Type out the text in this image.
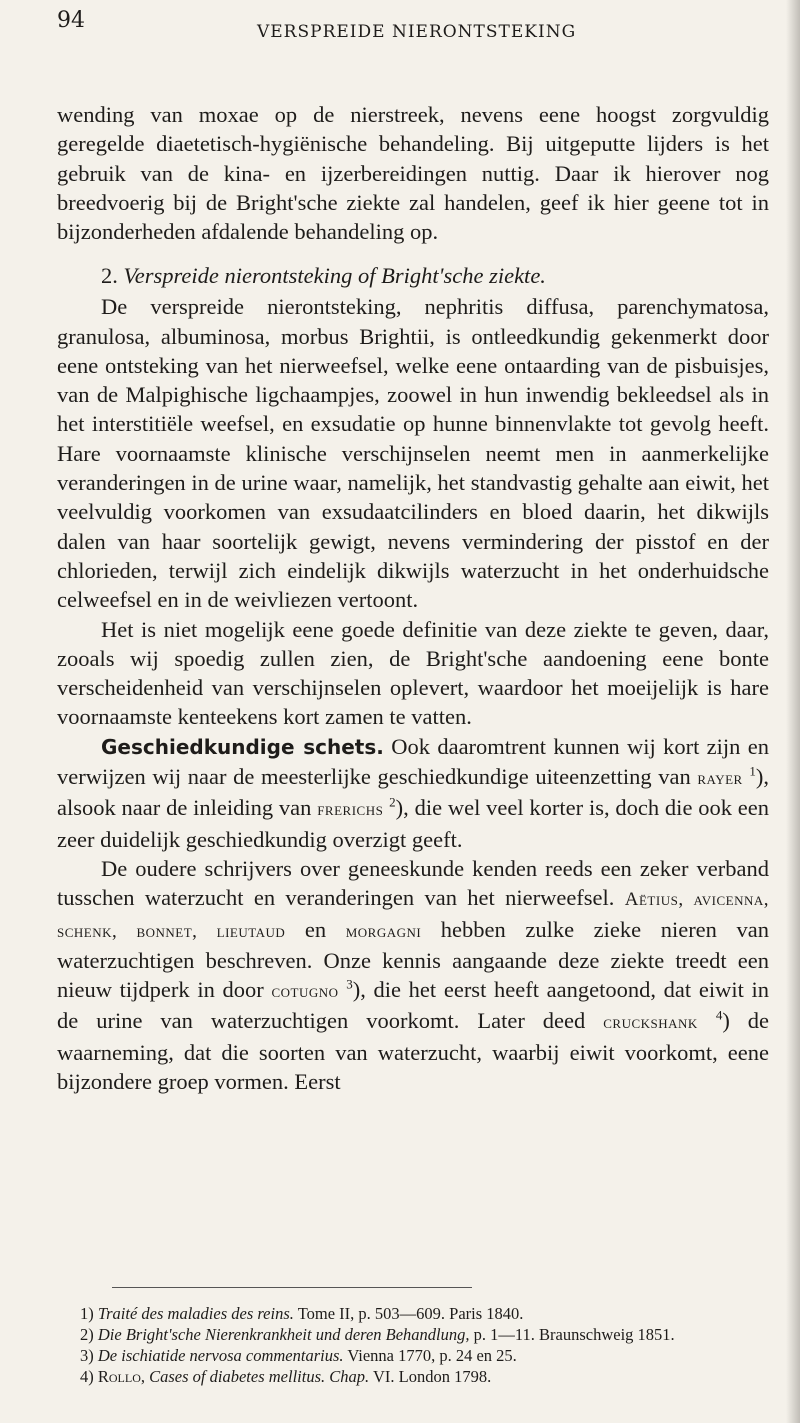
94	VERSPREIDE NIERONTSTEKING

wending van moxae op de nierstreek, nevens eene hoogst zorgvuldig geregelde diaetetisch-hygiënische behandeling. Bij uitgeputte lijders is het gebruik van de kina- en ijzerbereidingen nuttig. Daar ik hierover nog breedvoerig bij de Bright'sche ziekte zal handelen, geef ik hier geene tot in bijzonderheden afdalende behandeling op.

2. Verspreide nierontsteking of Bright'sche ziekte.

De verspreide nierontsteking, nephritis diffusa, parenchymatosa, granulosa, albuminosa, morbus Brightii, is ontleedkundig gekenmerkt door eene ontsteking van het nierweefsel, welke eene ontaarding van de pisbuisjes, van de Malpighische ligchaampjes, zoowel in hun inwendig bekleedsel als in het interstitiële weefsel, en exsudatie op hunne binnenvlakte tot gevolg heeft. Hare voornaamste klinische verschijnselen neemt men in aanmerkelijke veranderingen in de urine waar, namelijk, het standvastig gehalte aan eiwit, het veelvuldig voorkomen van exsudaatcilinders en bloed daarin, het dikwijls dalen van haar soortelijk gewigt, nevens vermindering der pisstof en der chlorieden, terwijl zich eindelijk dikwijls waterzucht in het onderhuidsche celweefsel en in de weivliezen vertoont.

Het is niet mogelijk eene goede definitie van deze ziekte te geven, daar, zooals wij spoedig zullen zien, de Bright'sche aandoening eene bonte verscheidenheid van verschijnselen oplevert, waardoor het moeijelijk is hare voornaamste kenteekens kort zamen te vatten.

Geschiedkundige schets. Ook daaromtrent kunnen wij kort zijn en verwijzen wij naar de meesterlijke geschiedkundige uiteenzetting van rayer $^1$), alsook naar de inleiding van frerichs $^2$), die wel veel korter is, doch die ook een zeer duidelijk geschiedkundig overzigt geeft.

De oudere schrijvers over geneeskunde kenden reeds een zeker verband tusschen waterzucht en veranderingen van het nierweefsel. Aëtius, avicenna, schenk, bonnet, lieutaud en morgagni hebben zulke zieke nieren van waterzuchtigen beschreven. Onze kennis aangaande deze ziekte treedt een nieuw tijdperk in door cotugno $^3$), die het eerst heeft aangetoond, dat eiwit in de urine van waterzuchtigen voorkomt. Later deed cruckshank $^4$) de waarneming, dat die soorten van waterzucht, waarbij eiwit voorkomt, eene bijzondere groep vormen. Eerst

1) Traité des maladies des reins. Tome II, p. 503—609. Paris 1840.

2) Die Bright'sche Nierenkrankheit und deren Behandlung, p. 1—11. Braunschweig 1851.

3) De ischiatide nervosa commentarius. Vienna 1770, p. 24 en 25.

4) Rollo, Cases of diabetes mellitus. Chap. VI. London 1798.
